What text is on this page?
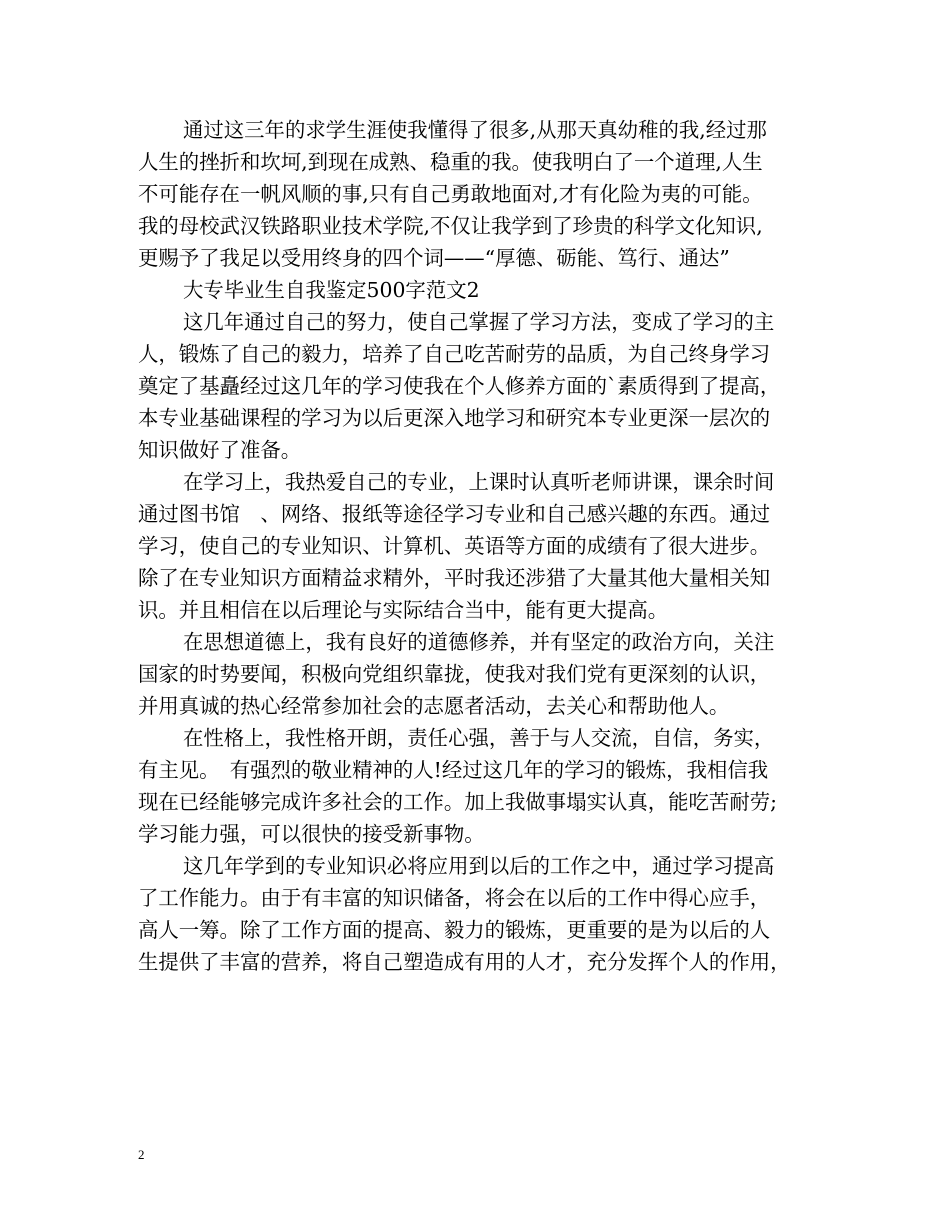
通过这三年的求学生涯使我懂得了很多,从那天真幼稚的我,经过那
人生的挫折和坎坷,到现在成熟、稳重的我。使我明白了一个道理,人生
不可能存在一帆风顺的事,只有自己勇敢地面对,才有化险为夷的可能。
我的母校武汉铁路职业技术学院,不仅让我学到了珍贵的科学文化知识,
更赐予了我足以受用终身的四个词——“厚德、砺能、笃行、通达”
大专毕业生自我鉴定500字范文2
这几年通过自己的努力，使自己掌握了学习方法，变成了学习的主
人，锻炼了自己的毅力，培养了自己吃苦耐劳的品质，为自己终身学习
奠定了基矗经过这几年的学习使我在个人修养方面的`素质得到了提高，
本专业基础课程的学习为以后更深入地学习和研究本专业更深一层次的
知识做好了准备。
在学习上，我热爱自己的专业，上课时认真听老师讲课，课余时间
通过图书馆　、网络、报纸等途径学习专业和自己感兴趣的东西。通过
学习，使自己的专业知识、计算机、英语等方面的成绩有了很大进步。
除了在专业知识方面精益求精外，平时我还涉猎了大量其他大量相关知
识。并且相信在以后理论与实际结合当中，能有更大提高。
在思想道德上，我有良好的道德修养，并有坚定的政治方向，关注
国家的时势要闻，积极向党组织靠拢，使我对我们党有更深刻的认识，
并用真诚的热心经常参加社会的志愿者活动，去关心和帮助他人。
在性格上，我性格开朗，责任心强，善于与人交流，自信，务实，
有主见。　有强烈的敬业精神的人!经过这几年的学习的锻炼，我相信我
现在已经能够完成许多社会的工作。加上我做事塌实认真，能吃苦耐劳;
学习能力强，可以很快的接受新事物。
这几年学到的专业知识必将应用到以后的工作之中，通过学习提高
了工作能力。由于有丰富的知识储备，将会在以后的工作中得心应手，
高人一筹。除了工作方面的提高、毅力的锻炼，更重要的是为以后的人
生提供了丰富的营养，将自己塑造成有用的人才，充分发挥个人的作用，
2
